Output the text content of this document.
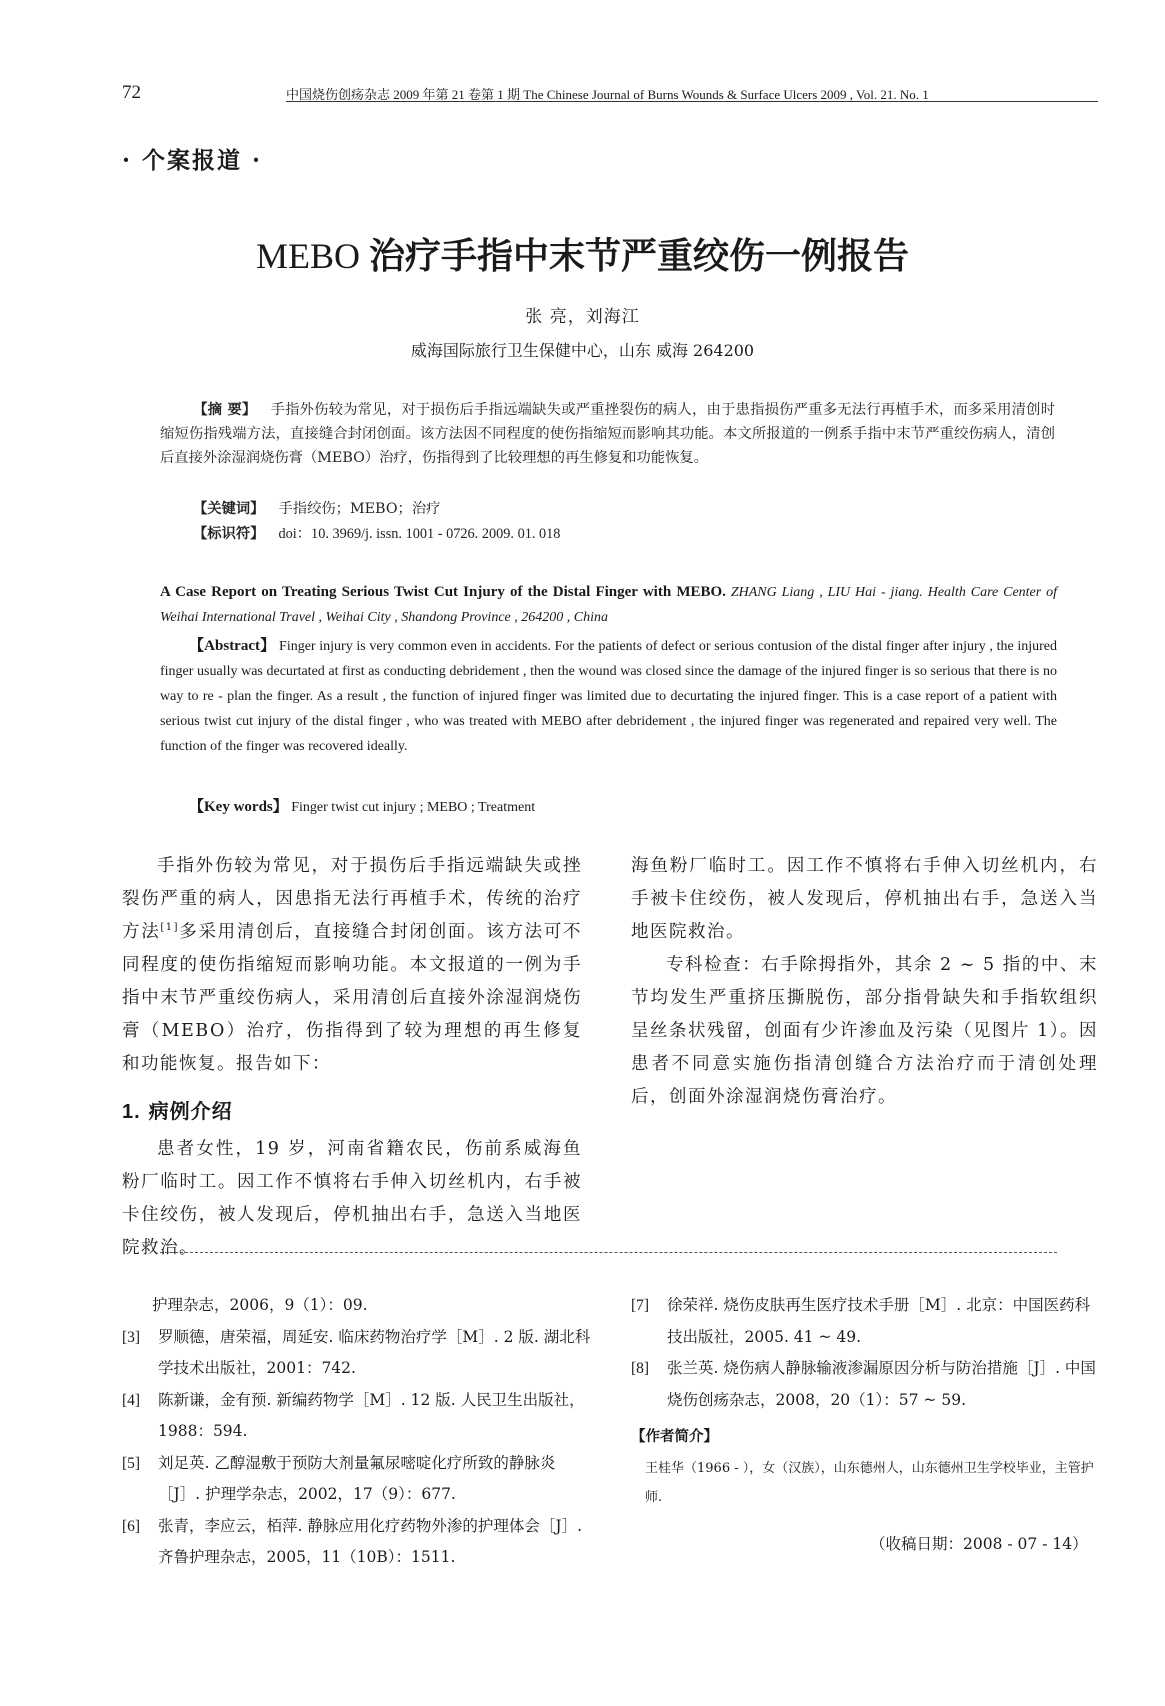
72	中国烧伤创疡杂志 2009 年第 21 卷第 1 期 The Chinese Journal of Burns Wounds & Surface Ulcers 2009 , Vol. 21. No. 1
· 个案报道 ·
MEBO 治疗手指中末节严重绞伤一例报告
张 亮，刘海江
威海国际旅行卫生保健中心，山东 威海 264200
【摘 要】 手指外伤较为常见，对于损伤后手指远端缺失或严重挫裂伤的病人，由于患指损伤严重多无法行再植手术，而多采用清创时缩短伤指残端方法，直接缝合封闭创面。该方法因不同程度的使伤指缩短而影响其功能。本文所报道的一例系手指中末节严重绞伤病人，清创后直接外涂湿润烧伤膏（MEBO）治疗，伤指得到了比较理想的再生修复和功能恢复。
【关键词】 手指绞伤；MEBO；治疗
【标识符】 doi：10. 3969/j. issn. 1001 - 0726. 2009. 01. 018
A Case Report on Treating Serious Twist Cut Injury of the Distal Finger with MEBO. ZHANG Liang , LIU Hai - jiang. Health Care Center of Weihai International Travel , Weihai City , Shandong Province , 264200 , China
【Abstract】 Finger injury is very common even in accidents. For the patients of defect or serious contusion of the distal finger after injury , the injured finger usually was decurtated at first as conducting debridement , then the wound was closed since the damage of the injured finger is so serious that there is no way to re - plan the finger. As a result , the function of injured finger was limited due to decurtating the injured finger. This is a case report of a patient with serious twist cut injury of the distal finger , who was treated with MEBO after debridement , the injured finger was regenerated and repaired very well. The function of the finger was recovered ideally.
【Key words】 Finger twist cut injury ; MEBO ; Treatment

手指外伤较为常见，对于损伤后手指远端缺失或挫裂伤严重的病人，因患指无法行再植手术，传统的治疗方法[1]多采用清创后，直接缝合封闭创面。该方法可不同程度的使伤指缩短而影响功能。本文报道的一例为手指中末节严重绞伤病人，采用清创后直接外涂湿润烧伤膏（MEBO）治疗，伤指得到了较为理想的再生修复和功能恢复。报告如下：

1. 病例介绍

患者女性，19 岁，河南省籍农民，伤前系威海鱼粉厂临时工。因工作不慎将右手伸入切丝机内，右手被卡住绞伤，被人发现后，停机抽出右手，急送入当地医院救治。

海鱼粉厂临时工。因工作不慎将右手伸入切丝机内，右手被卡住绞伤，被人发现后，停机抽出右手，急送入当地医院救治。

专科检查：右手除拇指外，其余 2 ~ 5 指的中、末节均发生严重挤压撕脱伤，部分指骨缺失和手指软组织呈丝条状残留，创面有少许渗血及污染（见图片 1）。因患者不同意实施伤指清创缝合方法治疗而于清创处理后，创面外涂湿润烧伤膏治疗。

护理杂志，2006，9（1）：09.
[3] 罗顺德，唐荣福，周延安. 临床药物治疗学［M］. 2 版. 湖北科学技术出版社，2001：742.
[4] 陈新谦，金有预. 新编药物学［M］. 12 版. 人民卫生出版社，1988：594.
[5] 刘足英. 乙醇湿敷于预防大剂量氟尿嘧啶化疗所致的静脉炎［J］. 护理学杂志，2002，17（9）：677.
[6] 张青，李应云，栢萍. 静脉应用化疗药物外渗的护理体会［J］. 齐鲁护理杂志，2005，11（10B）：1511.
[7] 徐荣祥. 烧伤皮肤再生医疗技术手册［M］. 北京：中国医药科技出版社，2005. 41 ~ 49.
[8] 张兰英. 烧伤病人静脉输液渗漏原因分析与防治措施［J］. 中国烧伤创疡杂志，2008，20（1）：57 ~ 59.
【作者简介】
王桂华（1966 - ），女（汉族），山东德州人，山东德州卫生学校毕业，主管护师.
（收稿日期：2008 - 07 - 14）
